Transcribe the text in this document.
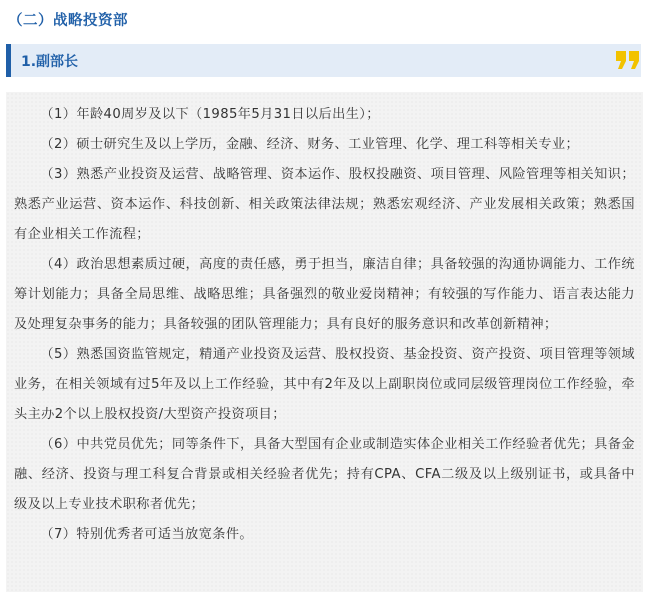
（二）战略投资部
1.副部长

（1）年龄40周岁及以下（1985年5月31日以后出生）；

（2）硕士研究生及以上学历，金融、经济、财务、工业管理、化学、理工科等相关专业；

（3）熟悉产业投资及运营、战略管理、资本运作、股权投融资、项目管理、风险管理等相关知识；熟悉产业运营、资本运作、科技创新、相关政策法律法规；熟悉宏观经济、产业发展相关政策；熟悉国有企业相关工作流程；

（4）政治思想素质过硬，高度的责任感，勇于担当，廉洁自律；具备较强的沟通协调能力、工作统筹计划能力；具备全局思维、战略思维；具备强烈的敬业爱岗精神；有较强的写作能力、语言表达能力及处理复杂事务的能力；具备较强的团队管理能力；具有良好的服务意识和改革创新精神；

（5）熟悉国资监管规定，精通产业投资及运营、股权投资、基金投资、资产投资、项目管理等领域业务，在相关领域有过5年及以上工作经验，其中有2年及以上副职岗位或同层级管理岗位工作经验，牵头主办2个以上股权投资/大型资产投资项目；

（6）中共党员优先；同等条件下，具备大型国有企业或制造实体企业相关工作经验者优先；具备金融、经济、投资与理工科复合背景或相关经验者优先；持有CPA、CFA二级及以上级别证书，或具备中级及以上专业技术职称者优先；

（7）特别优秀者可适当放宽条件。
